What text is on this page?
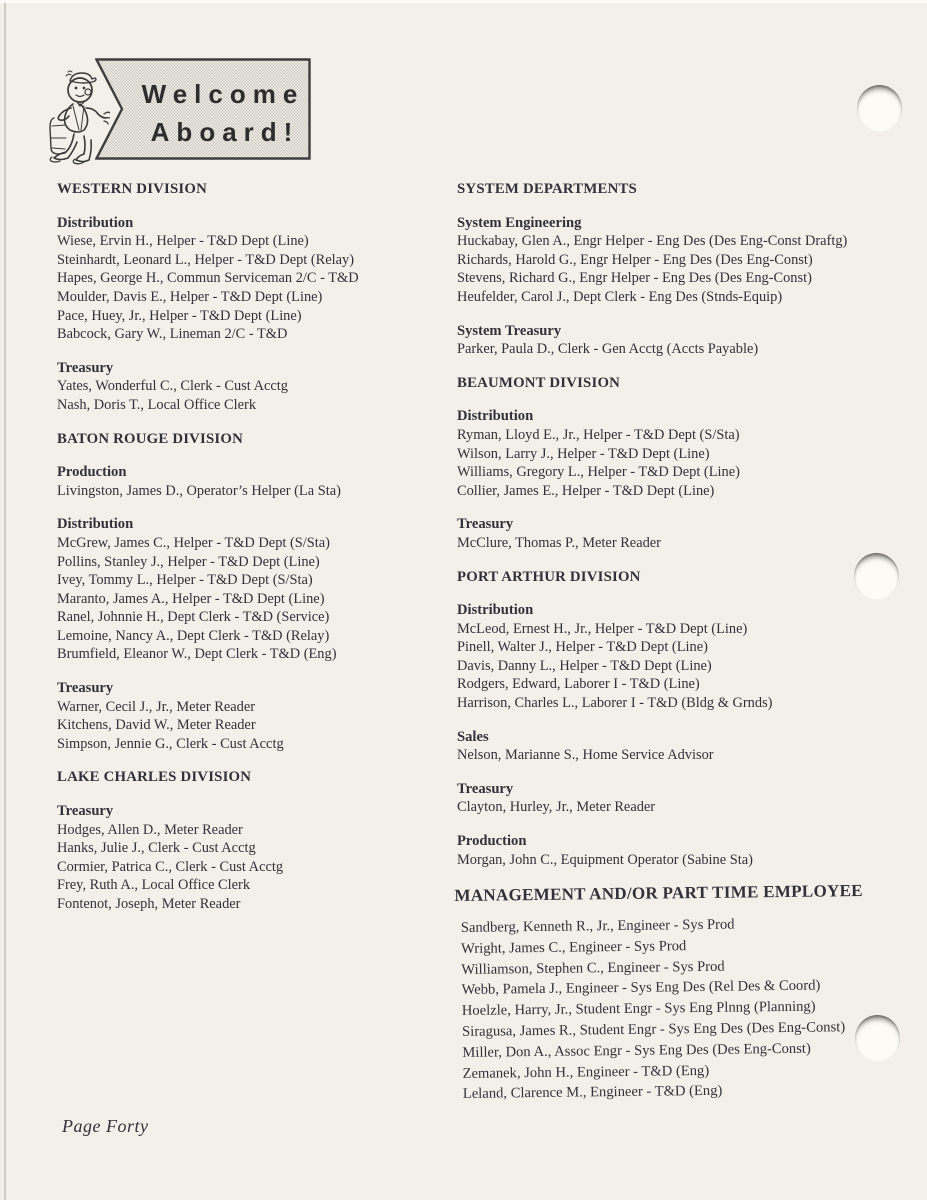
Welcome
Aboard!
WESTERN DIVISION
Distribution
Wiese, Ervin H., Helper - T&D Dept (Line)
Steinhardt, Leonard L., Helper - T&D Dept (Relay)
Hapes, George H., Commun Serviceman 2/C - T&D
Moulder, Davis E., Helper - T&D Dept (Line)
Pace, Huey, Jr., Helper - T&D Dept (Line)
Babcock, Gary W., Lineman 2/C - T&D
Treasury
Yates, Wonderful C., Clerk - Cust Acctg
Nash, Doris T., Local Office Clerk
BATON ROUGE DIVISION
Production
Livingston, James D., Operator’s Helper (La Sta)
Distribution
McGrew, James C., Helper - T&D Dept (S/Sta)
Pollins, Stanley J., Helper - T&D Dept (Line)
Ivey, Tommy L., Helper - T&D Dept (S/Sta)
Maranto, James A., Helper - T&D Dept (Line)
Ranel, Johnnie H., Dept Clerk - T&D (Service)
Lemoine, Nancy A., Dept Clerk - T&D (Relay)
Brumfield, Eleanor W., Dept Clerk - T&D (Eng)
Treasury
Warner, Cecil J., Jr., Meter Reader
Kitchens, David W., Meter Reader
Simpson, Jennie G., Clerk - Cust Acctg
LAKE CHARLES DIVISION
Treasury
Hodges, Allen D., Meter Reader
Hanks, Julie J., Clerk - Cust Acctg
Cormier, Patrica C., Clerk - Cust Acctg
Frey, Ruth A., Local Office Clerk
Fontenot, Joseph, Meter Reader
SYSTEM DEPARTMENTS
System Engineering
Huckabay, Glen A., Engr Helper - Eng Des (Des Eng-Const Draftg)
Richards, Harold G., Engr Helper - Eng Des (Des Eng-Const)
Stevens, Richard G., Engr Helper - Eng Des (Des Eng-Const)
Heufelder, Carol J., Dept Clerk - Eng Des (Stnds-Equip)
System Treasury
Parker, Paula D., Clerk - Gen Acctg (Accts Payable)
BEAUMONT DIVISION
Distribution
Ryman, Lloyd E., Jr., Helper - T&D Dept (S/Sta)
Wilson, Larry J., Helper - T&D Dept (Line)
Williams, Gregory L., Helper - T&D Dept (Line)
Collier, James E., Helper - T&D Dept (Line)
Treasury
McClure, Thomas P., Meter Reader
PORT ARTHUR DIVISION
Distribution
McLeod, Ernest H., Jr., Helper - T&D Dept (Line)
Pinell, Walter J., Helper - T&D Dept (Line)
Davis, Danny L., Helper - T&D Dept (Line)
Rodgers, Edward, Laborer I - T&D (Line)
Harrison, Charles L., Laborer I - T&D (Bldg & Grnds)
Sales
Nelson, Marianne S., Home Service Advisor
Treasury
Clayton, Hurley, Jr., Meter Reader
Production
Morgan, John C., Equipment Operator (Sabine Sta)
MANAGEMENT AND/OR PART TIME EMPLOYEE
Sandberg, Kenneth R., Jr., Engineer - Sys Prod
Wright, James C., Engineer - Sys Prod
Williamson, Stephen C., Engineer - Sys Prod
Webb, Pamela J., Engineer - Sys Eng Des (Rel Des & Coord)
Hoelzle, Harry, Jr., Student Engr - Sys Eng Plnng (Planning)
Siragusa, James R., Student Engr - Sys Eng Des (Des Eng-Const)
Miller, Don A., Assoc Engr - Sys Eng Des (Des Eng-Const)
Zemanek, John H., Engineer - T&D (Eng)
Leland, Clarence M., Engineer - T&D (Eng)
Page Forty
